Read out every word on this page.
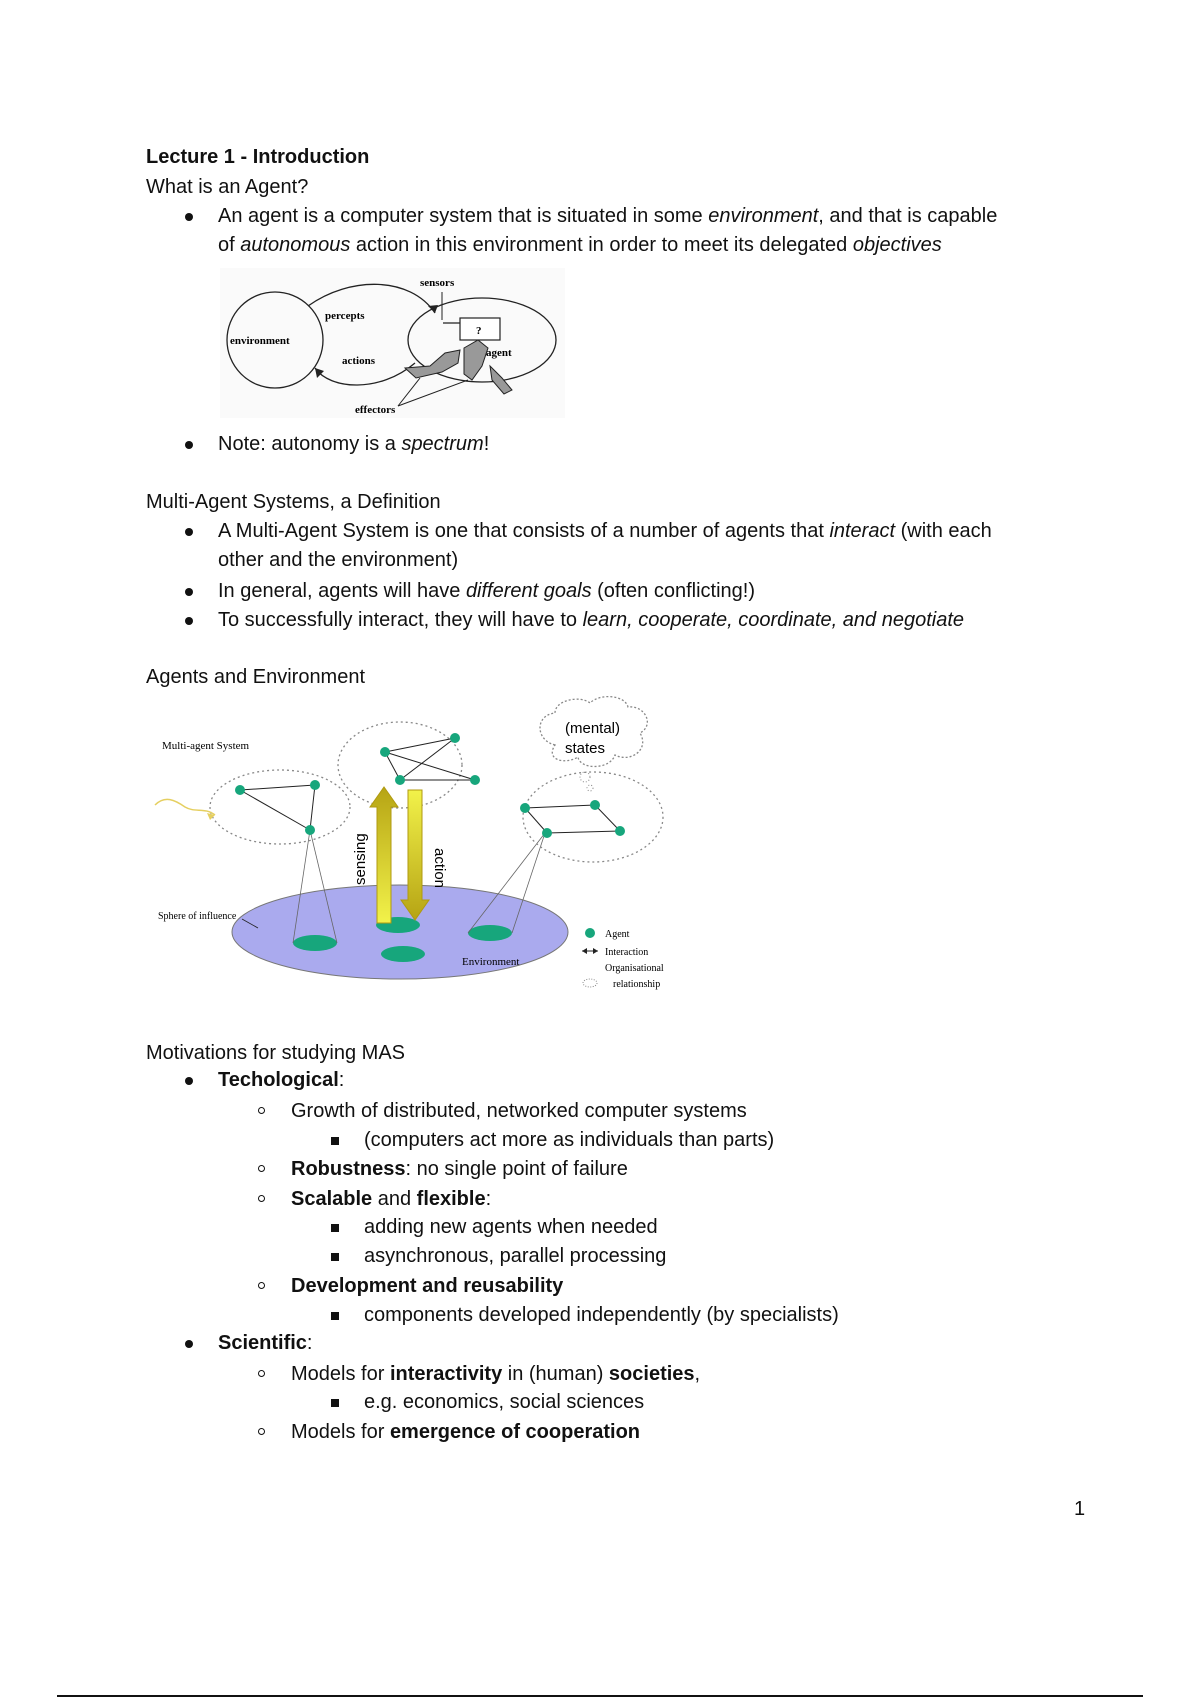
Lecture 1 - Introduction
What is an Agent?
An agent is a computer system that is situated in some environment, and that is capable
of autonomous action in this environment in order to meet its delegated objectives
sensors
percepts
environment
actions
?
agent
effectors
Note: autonomy is a spectrum!
Multi-Agent Systems, a Definition
A Multi-Agent System is one that consists of a number of agents that interact (with each
other and the environment)
In general, agents will have different goals (often conflicting!)
To successfully interact, they will have to learn, cooperate, coordinate, and negotiate
Agents and Environment
sensing	action
(mental)
states
Multi-agent System
Sphere of influence
Environment
Agent
Interaction
Organisational
relationship
Motivations for studying MAS
Techological:
Growth of distributed, networked computer systems
(computers act more as individuals than parts)
Robustness: no single point of failure
Scalable and flexible:
adding new agents when needed
asynchronous, parallel processing
Development and reusability
components developed independently (by specialists)
Scientific:
Models for interactivity in (human) societies,
e.g. economics, social sciences
Models for emergence of cooperation
1
